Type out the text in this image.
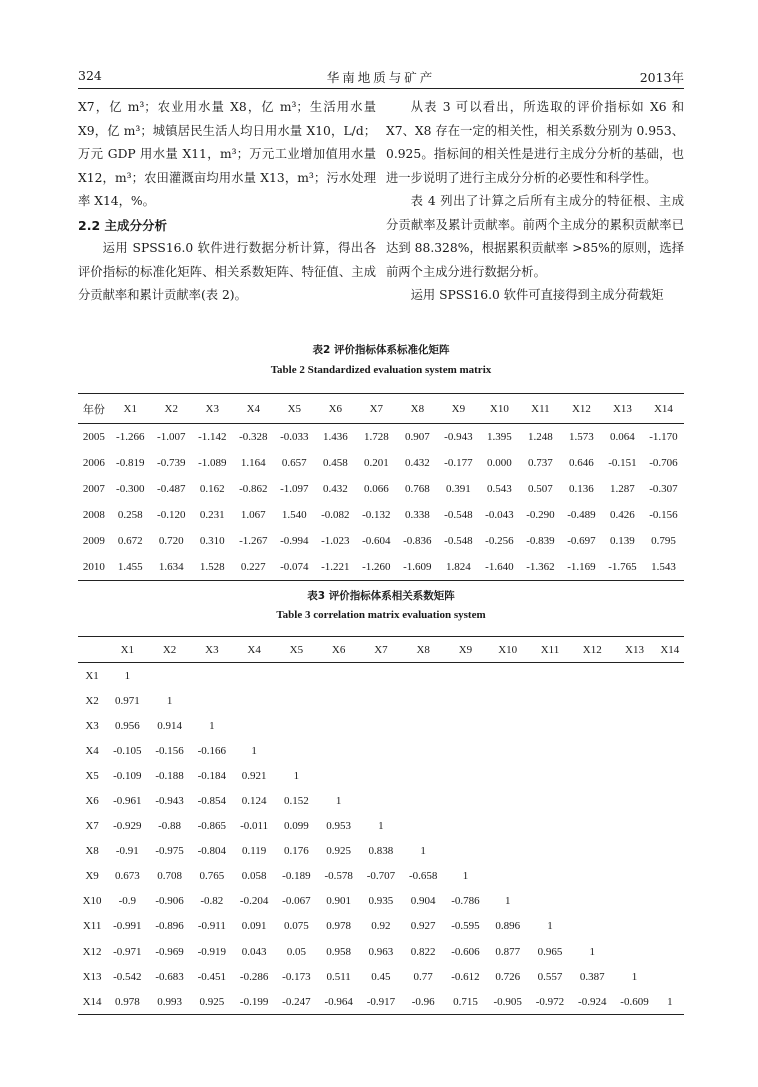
324	华南地质与矿产	2013年

X7，亿 m³；农业用水量 X8，亿 m³；生活用水量 X9，亿 m³；城镇居民生活人均日用水量 X10，L/d；万元 GDP 用水量 X11，m³；万元工业增加值用水量 X12，m³；农田灌溉亩均用水量 X13，m³；污水处理率 X14，%。

2.2 主成分分析

运用 SPSS16.0 软件进行数据分析计算，得出各评价指标的标准化矩阵、相关系数矩阵、特征值、主成分贡献率和累计贡献率(表 2)。

从表 3 可以看出，所选取的评价指标如 X6 和 X7、X8 存在一定的相关性，相关系数分别为 0.953、0.925。指标间的相关性是进行主成分分析的基础，也进一步说明了进行主成分分析的必要性和科学性。

表 4 列出了计算之后所有主成分的特征根、主成分贡献率及累计贡献率。前两个主成分的累积贡献率已达到 88.328%，根据累积贡献率 >85%的原则，选择前两个主成分进行数据分析。

运用 SPSS16.0 软件可直接得到主成分荷载矩

表2 评价指标体系标准化矩阵
Table 2 Standardized evaluation system matrix
年份	X1	X2	X3	X4	X5	X6	X7	X8	X9	X10	X11	X12	X13	X14
2005	-1.266	-1.007	-1.142	-0.328	-0.033	1.436	1.728	0.907	-0.943	1.395	1.248	1.573	0.064	-1.170
2006	-0.819	-0.739	-1.089	1.164	0.657	0.458	0.201	0.432	-0.177	0.000	0.737	0.646	-0.151	-0.706
2007	-0.300	-0.487	0.162	-0.862	-1.097	0.432	0.066	0.768	0.391	0.543	0.507	0.136	1.287	-0.307
2008	0.258	-0.120	0.231	1.067	1.540	-0.082	-0.132	0.338	-0.548	-0.043	-0.290	-0.489	0.426	-0.156
2009	0.672	0.720	0.310	-1.267	-0.994	-1.023	-0.604	-0.836	-0.548	-0.256	-0.839	-0.697	0.139	0.795
2010	1.455	1.634	1.528	0.227	-0.074	-1.221	-1.260	-1.609	1.824	-1.640	-1.362	-1.169	-1.765	1.543
表3 评价指标体系相关系数矩阵
Table 3 correlation matrix evaluation system
	X1	X2	X3	X4	X5	X6	X7	X8	X9	X10	X11	X12	X13	X14
X1	1													
X2	0.971	1												
X3	0.956	0.914	1											
X4	-0.105	-0.156	-0.166	1										
X5	-0.109	-0.188	-0.184	0.921	1									
X6	-0.961	-0.943	-0.854	0.124	0.152	1								
X7	-0.929	-0.88	-0.865	-0.011	0.099	0.953	1							
X8	-0.91	-0.975	-0.804	0.119	0.176	0.925	0.838	1						
X9	0.673	0.708	0.765	0.058	-0.189	-0.578	-0.707	-0.658	1					
X10	-0.9	-0.906	-0.82	-0.204	-0.067	0.901	0.935	0.904	-0.786	1				
X11	-0.991	-0.896	-0.911	0.091	0.075	0.978	0.92	0.927	-0.595	0.896	1			
X12	-0.971	-0.969	-0.919	0.043	0.05	0.958	0.963	0.822	-0.606	0.877	0.965	1		
X13	-0.542	-0.683	-0.451	-0.286	-0.173	0.511	0.45	0.77	-0.612	0.726	0.557	0.387	1	
X14	0.978	0.993	0.925	-0.199	-0.247	-0.964	-0.917	-0.96	0.715	-0.905	-0.972	-0.924	-0.609	1
